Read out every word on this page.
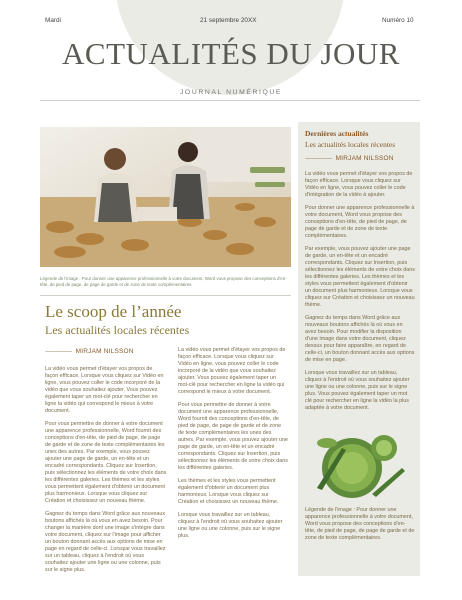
Mardi	21 septembre 20XX	Numéro 10
ACTUALITÉS DU JOUR
JOURNAL NUMÉRIQUE
Légende de l'image : Pour donner une apparence professionnelle à votre document, Word vous propose des conceptions d'en-tête, de pied de page, de page de garde et de zone de texte complémentaires.
Le scoop de l’année
Les actualités locales récentes
---------------- MIRJAM NILSSON

La vidéo vous permet d'étayer vos propos de façon efficace. Lorsque vous cliquez sur Vidéo en ligne, vous pouvez coller le code incorporé de la vidéo que vous souhaitez ajouter. Vous pouvez également taper un mot-clé pour rechercher en ligne la vidéo qui correspond le mieux à votre document.

Pour vous permettre de donner à votre document une apparence professionnelle, Word fournit des conceptions d'en-tête, de pied de page, de page de garde et de zone de texte complémentaires les unes des autres. Par exemple, vous pouvez ajouter une page de garde, un en-tête et un encadré correspondants. Cliquez sur Insertion, puis sélectionnez les éléments de votre choix dans les différentes galeries. Les thèmes et les styles vous permettent également d'obtenir un document plus harmonieux. Lorsque vous cliquez sur Création et choisissez un nouveau thème.

Gagnez du temps dans Word grâce aux nouveaux boutons affichés là où vous en avez besoin. Pour changer la manière dont une image s'intègre dans votre document, cliquez sur l'image pour afficher un bouton donnant accès aux options de mise en page en regard de celle-ci. Lorsque vous travaillez sur un tableau, cliquez à l'endroit où vous souhaitez ajouter une ligne ou une colonne, puis sur le signe plus.

La vidéo vous permet d'étayer vos propos de façon efficace. Lorsque vous cliquez sur Vidéo en ligne, vous pouvez coller le code incorporé de la vidéo que vous souhaitez ajouter. Vous pouvez également taper un mot-clé pour rechercher en ligne la vidéo qui correspond le mieux à votre document.

Pour vous permettre de donner à votre document une apparence professionnelle, Word fournit des conceptions d'en-tête, de pied de page, de page de garde et de zone de texte complémentaires les unes des autres. Par exemple, vous pouvez ajouter une page de garde, un en-tête et un encadré correspondants. Cliquez sur Insertion, puis sélectionnez les éléments de votre choix dans les différentes galeries.

Les thèmes et les styles vous permettent également d'obtenir un document plus harmonieux. Lorsque vous cliquez sur Création et choisissez un nouveau thème.

Lorsque vous travaillez sur un tableau, cliquez à l'endroit où vous souhaitez ajouter une ligne ou une colonne, puis sur le signe plus.

Dernières actualités
Les actualités locales récentes
---------------- MIRJAM NILSSON

La vidéo vous permet d'étayer vos propos de façon efficace. Lorsque vous cliquez sur Vidéo en ligne, vous pouvez coller le code d'intégration de la vidéo à ajouter.

Pour donner une apparence professionnelle à votre document, Word vous propose des conceptions d'en-tête, de pied de page, de page de garde et de zone de texte complémentaires.

Par exemple, vous pouvez ajouter une page de garde, un en-tête et un encadré correspondants. Cliquez sur Insertion, puis sélectionnez les éléments de votre choix dans les différentes galeries. Les thèmes et les styles vous permettent également d'obtenir un document plus harmonieux. Lorsque vous cliquez sur Création et choisissez un nouveau thème.

Gagnez du temps dans Word grâce aux nouveaux boutons affichés là où vous en avez besoin. Pour modifier la disposition d'une image dans votre document, cliquez dessus pour faire apparaître, en regard de celle-ci, un bouton donnant accès aux options de mise en page.

Lorsque vous travaillez sur un tableau, cliquez à l'endroit où vous souhaitez ajouter une ligne ou une colonne, puis sur le signe plus. Vous pouvez également taper un mot clé pour rechercher en ligne la vidéo la plus adaptée à votre document.

Légende de l'image : Pour donner une apparence professionnelle à votre document, Word vous propose des conceptions d'en-tête, de pied de page, de page de garde et de zone de texte complémentaires.
